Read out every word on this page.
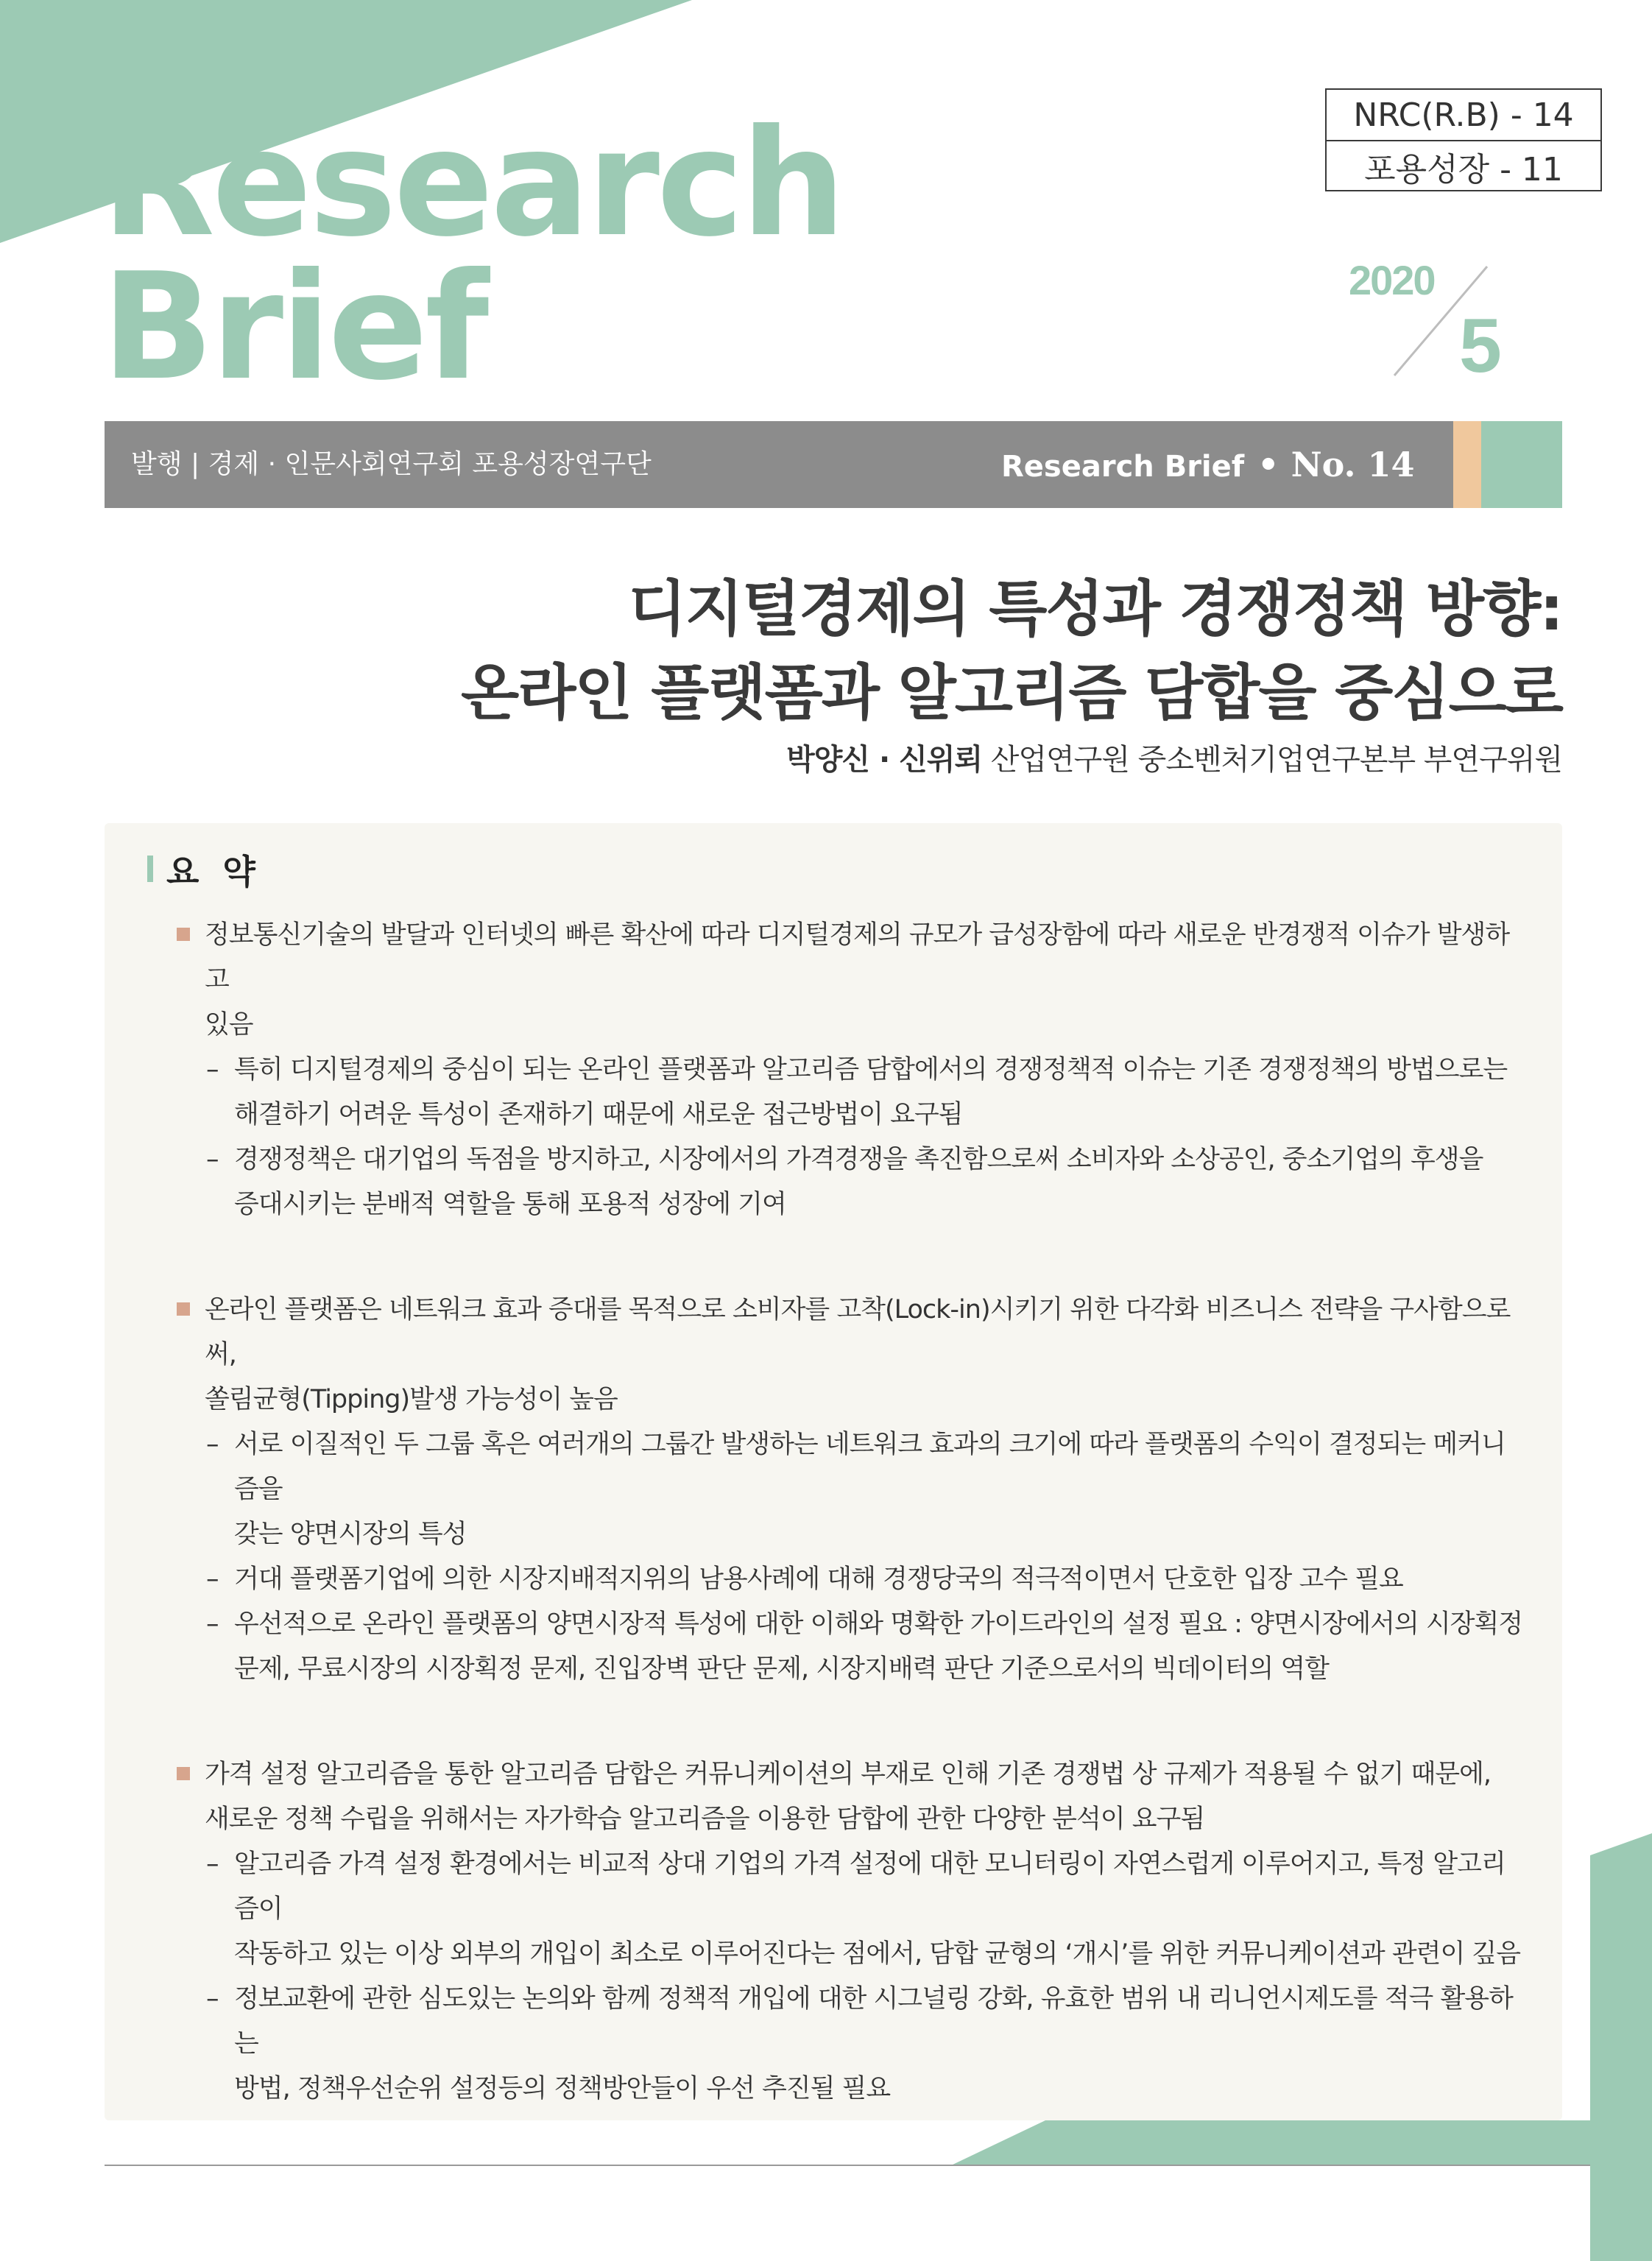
Research
Brief
NRC(R.B) - 14
포용성장 - 11
2020
5
발행 | 경제 · 인문사회연구회 포용성장연구단	Research Brief • No. 14
디지털경제의 특성과 경쟁정책 방향:
온라인 플랫폼과 알고리즘 담합을 중심으로
박양신 · 신위뢰 산업연구원 중소벤처기업연구본부 부연구위원
요 약
정보통신기술의 발달과 인터넷의 빠른 확산에 따라 디지털경제의 규모가 급성장함에 따라 새로운 반경쟁적 이슈가 발생하고
있음
– 특히 디지털경제의 중심이 되는 온라인 플랫폼과 알고리즘 담합에서의 경쟁정책적 이슈는 기존 경쟁정책의 방법으로는
해결하기 어려운 특성이 존재하기 때문에 새로운 접근방법이 요구됨
– 경쟁정책은 대기업의 독점을 방지하고, 시장에서의 가격경쟁을 촉진함으로써 소비자와 소상공인, 중소기업의 후생을
증대시키는 분배적 역할을 통해 포용적 성장에 기여
온라인 플랫폼은 네트워크 효과 증대를 목적으로 소비자를 고착(Lock-in)시키기 위한 다각화 비즈니스 전략을 구사함으로써,
쏠림균형(Tipping)발생 가능성이 높음
– 서로 이질적인 두 그룹 혹은 여러개의 그룹간 발생하는 네트워크 효과의 크기에 따라 플랫폼의 수익이 결정되는 메커니즘을
갖는 양면시장의 특성
– 거대 플랫폼기업에 의한 시장지배적지위의 남용사례에 대해 경쟁당국의 적극적이면서 단호한 입장 고수 필요
– 우선적으로 온라인 플랫폼의 양면시장적 특성에 대한 이해와 명확한 가이드라인의 설정 필요 : 양면시장에서의 시장획정
문제, 무료시장의 시장획정 문제, 진입장벽 판단 문제, 시장지배력 판단 기준으로서의 빅데이터의 역할
가격 설정 알고리즘을 통한 알고리즘 담합은 커뮤니케이션의 부재로 인해 기존 경쟁법 상 규제가 적용될 수 없기 때문에,
새로운 정책 수립을 위해서는 자가학습 알고리즘을 이용한 담합에 관한 다양한 분석이 요구됨
– 알고리즘 가격 설정 환경에서는 비교적 상대 기업의 가격 설정에 대한 모니터링이 자연스럽게 이루어지고, 특정 알고리즘이
작동하고 있는 이상 외부의 개입이 최소로 이루어진다는 점에서, 담합 균형의 ‘개시’를 위한 커뮤니케이션과 관련이 깊음
– 정보교환에 관한 심도있는 논의와 함께 정책적 개입에 대한 시그널링 강화, 유효한 범위 내 리니언시제도를 적극 활용하는
방법, 정책우선순위 설정등의 정책방안들이 우선 추진될 필요
